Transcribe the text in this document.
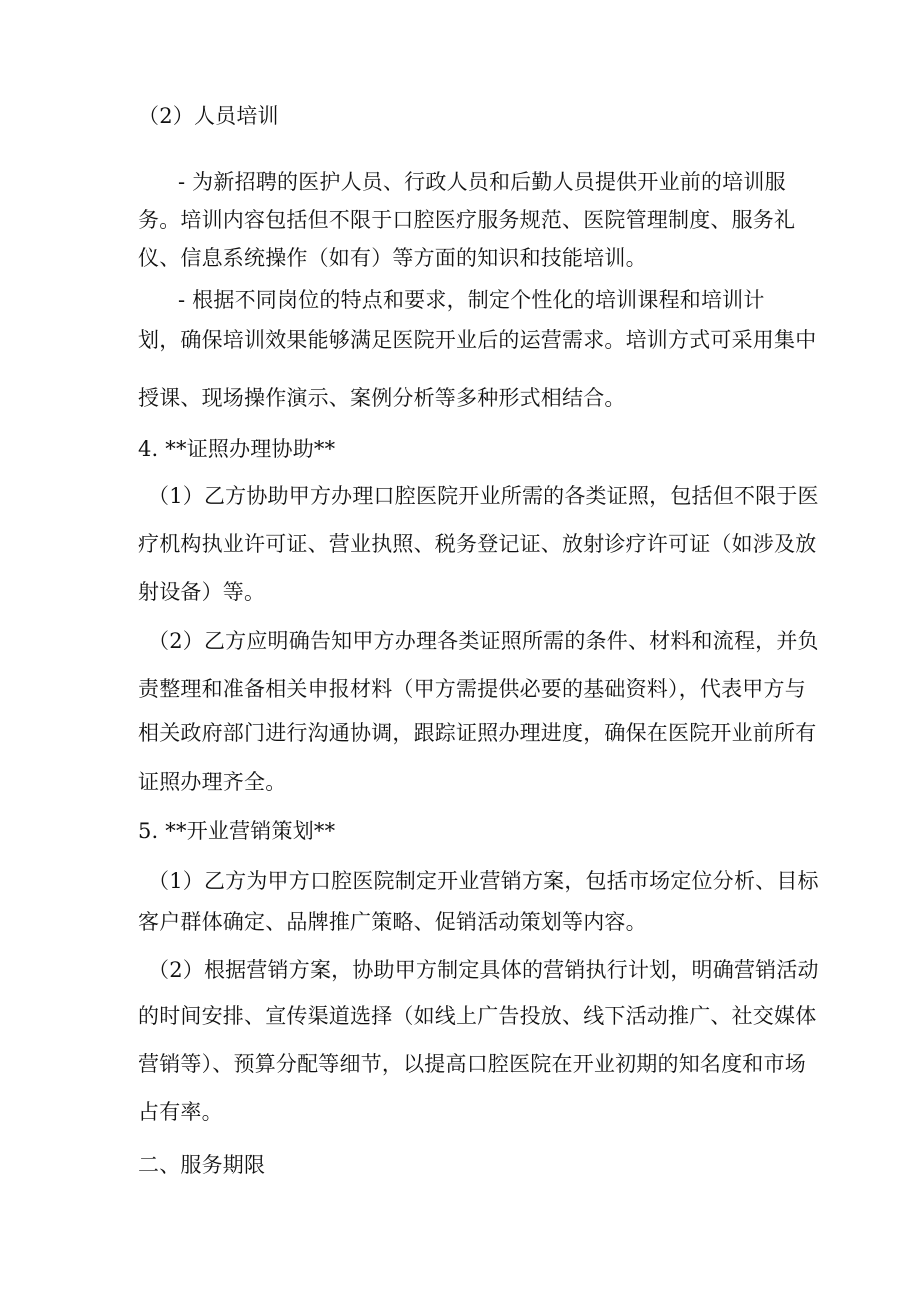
（2）人员培训
- 为新招聘的医护人员、行政人员和后勤人员提供开业前的培训服
务。培训内容包括但不限于口腔医疗服务规范、医院管理制度、服务礼
仪、信息系统操作（如有）等方面的知识和技能培训。
- 根据不同岗位的特点和要求，制定个性化的培训课程和培训计
划，确保培训效果能够满足医院开业后的运营需求。培训方式可采用集中
授课、现场操作演示、案例分析等多种形式相结合。
4. **证照办理协助**
（1）乙方协助甲方办理口腔医院开业所需的各类证照，包括但不限于医
疗机构执业许可证、营业执照、税务登记证、放射诊疗许可证（如涉及放
射设备）等。
（2）乙方应明确告知甲方办理各类证照所需的条件、材料和流程，并负
责整理和准备相关申报材料（甲方需提供必要的基础资料），代表甲方与
相关政府部门进行沟通协调，跟踪证照办理进度，确保在医院开业前所有
证照办理齐全。
5. **开业营销策划**
（1）乙方为甲方口腔医院制定开业营销方案，包括市场定位分析、目标
客户群体确定、品牌推广策略、促销活动策划等内容。
（2）根据营销方案，协助甲方制定具体的营销执行计划，明确营销活动
的时间安排、宣传渠道选择（如线上广告投放、线下活动推广、社交媒体
营销等）、预算分配等细节，以提高口腔医院在开业初期的知名度和市场
占有率。
二、服务期限
